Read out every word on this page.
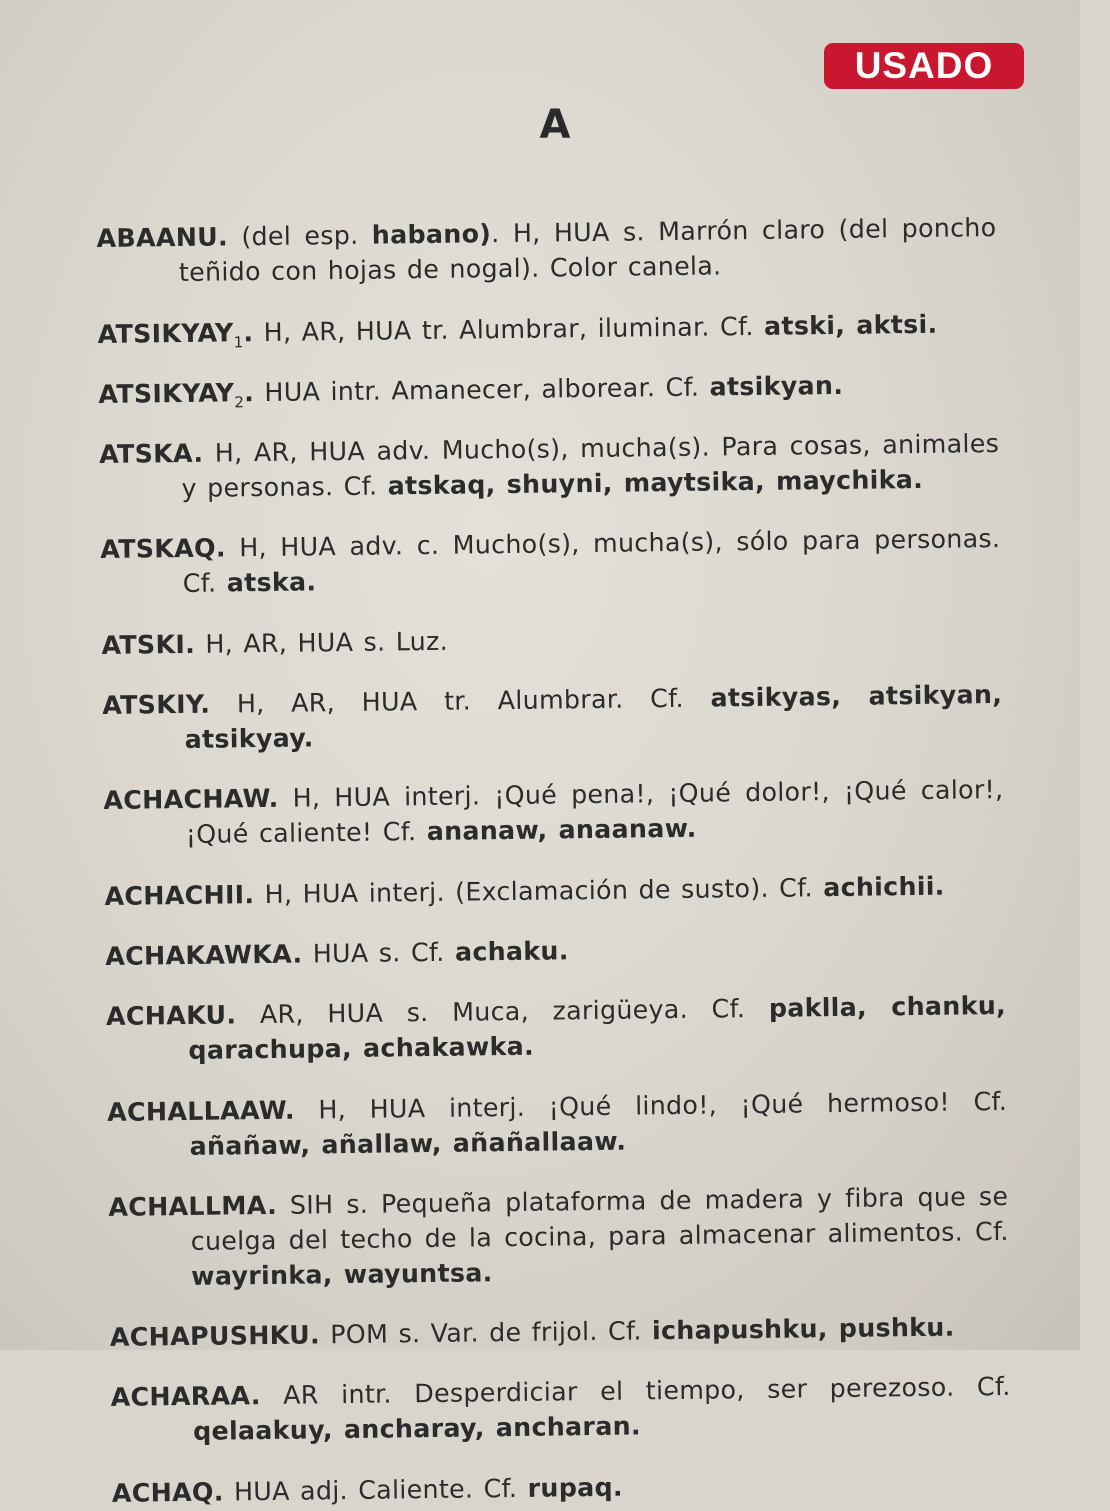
USADO
A

ABAANU. (del esp. habano). H, HUA s. Marrón claro (del poncho teñido con hojas de nogal). Color canela.

$ATSIKYAY_1$. H, AR, HUA tr. Alumbrar, iluminar. Cf. atski, aktsi.

$ATSIKYAY_2$. HUA intr. Amanecer, alborear. Cf. atsikyan.

ATSKA. H, AR, HUA adv. Mucho(s), mucha(s). Para cosas, animales y personas. Cf. atskaq, shuyni, maytsika, maychika.

ATSKAQ. H, HUA adv. c. Mucho(s), mucha(s), sólo para personas. Cf. atska.

ATSKI. H, AR, HUA s. Luz.

ATSKIY. H, AR, HUA tr. Alumbrar. Cf. atsikyas, atsikyan, atsikyay.

ACHACHAW. H, HUA interj. ¡Qué pena!, ¡Qué dolor!, ¡Qué calor!, ¡Qué caliente! Cf. ananaw, anaanaw.

ACHACHII. H, HUA interj. (Exclamación de susto). Cf. achichii.

ACHAKAWKA. HUA s. Cf. achaku.

ACHAKU. AR, HUA s. Muca, zarigüeya. Cf. paklla, chanku, qarachupa, achakawka.

ACHALLAAW. H, HUA interj. ¡Qué lindo!, ¡Qué hermoso! Cf. añañaw, añallaw, añañallaaw.

ACHALLMA. SIH s. Pequeña plataforma de madera y fibra que se cuelga del techo de la cocina, para almacenar alimentos. Cf. wayrinka, wayuntsa.

ACHAPUSHKU. POM s. Var. de frijol. Cf. ichapushku, pushku.

ACHARAA. AR intr. Desperdiciar el tiempo, ser perezoso. Cf. qelaakuy, ancharay, ancharan.

ACHAQ. HUA adj. Caliente. Cf. rupaq.
